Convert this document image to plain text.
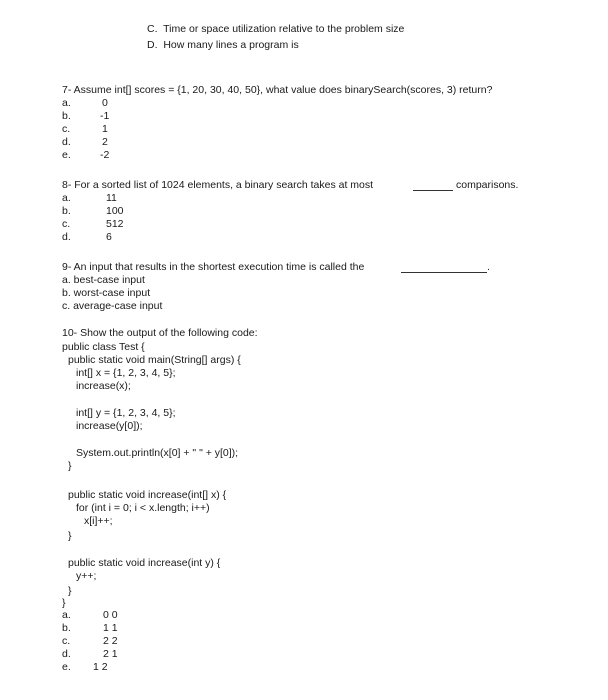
C. Time or space utilization relative to the problem size
D. How many lines a program is
7- Assume int[] scores = {1, 20, 30, 40, 50}, what value does binarySearch(scores, 3) return?
a.	0
b.	-1
c.	1
d.	2
e.	-2
8- For a sorted list of 1024 elements, a binary search takes at most	comparisons.
a.	11
b.	100
c.	512
d.	6
9- An input that results in the shortest execution time is called the	.
a. best-case input
b. worst-case input
c. average-case input
10- Show the output of the following code:
public class Test {
public static void main(String[] args) {
int[] x = {1, 2, 3, 4, 5};
increase(x);
int[] y = {1, 2, 3, 4, 5};
increase(y[0]);
System.out.println(x[0] + " " + y[0]);
}
public static void increase(int[] x) {
for (int i = 0; i < x.length; i++)
x[i]++;
}
public static void increase(int y) {
y++;
}
}
a.	0 0
b.	1 1
c.	2 2
d.	2 1
e. 1 2
